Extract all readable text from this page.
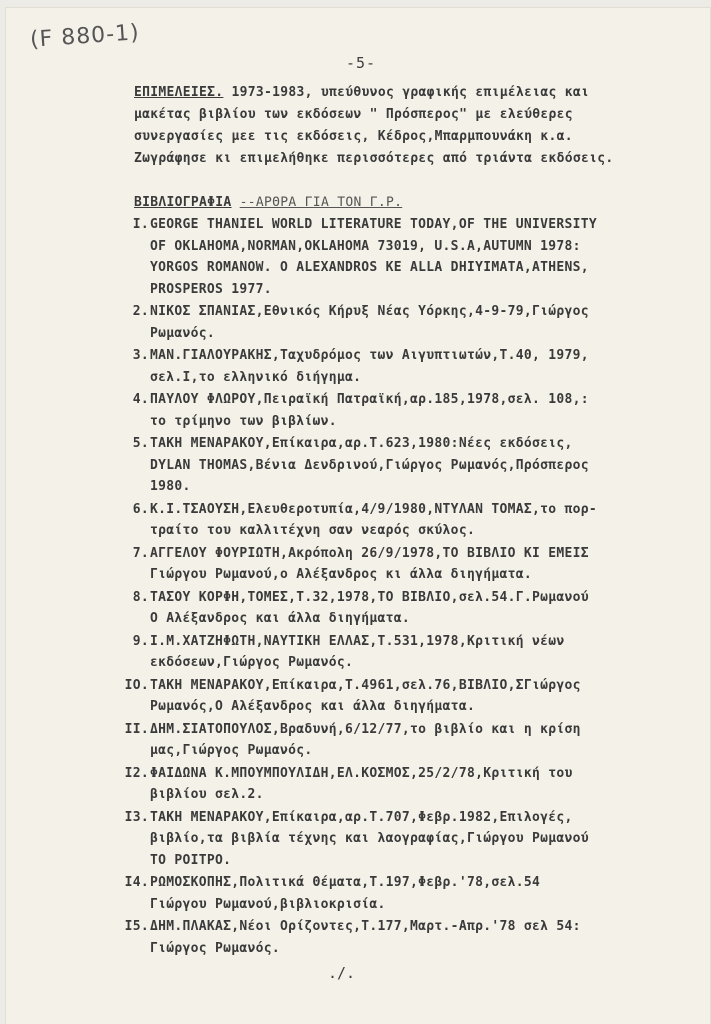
(F 880-1)
-5-
ΕΠΙΜΕΛΕΙΕΣ. 1973-1983, υπεύθυνος γραφικής επιμέλειας και
μακέτας βιβλίου των εκδόσεων " Πρόσπερος" με ελεύθερες
συνεργασίες μεε τις εκδόσεις, Κέδρος,Μπαρμπουνάκη κ.α.
Ζωγράφησε κι επιμελήθηκε περισσότερες από τριάντα εκδόσεις.
ΒΙΒΛΙΟΓΡΑΦΙΑ --ΑΡΘΡΑ ΓΙΑ ΤΟΝ Γ.Ρ.
I. GEORGE THANIEL WORLD LITERATURE TODAY,OF THE UNIVERSITY
OF OKLAHOMA,NORMAN,OKLAHOMA 73019, U.S.A,AUTUMN 1978:
YORGOS ROMANOW. O ALEXANDROS KE ALLA DHIYIMATA,ATHENS,
PROSPEROS 1977.
2. ΝΙΚΟΣ ΣΠΑΝΙΑΣ,Εθνικός Κήρυξ Νέας Υόρκης,4-9-79,Γιώργος
Ρωμανός.
3. ΜΑΝ.ΓΙΑΛΟΥΡΑΚΗΣ,Ταχυδρόμος των Αιγυπτιωτών,Τ.40, 1979,
σελ.Ι,το ελληνικό διήγημα.
4. ΠΑΥΛΟΥ ΦΛΩΡΟΥ,Πειραϊκή Πατραϊκή,αρ.185,1978,σελ. 108,:
το τρίμηνο των βιβλίων.
5. ΤΑΚΗ ΜΕΝΑΡΑΚΟΥ,Επίκαιρα,αρ.Τ.623,1980:Νέες εκδόσεις,
DYLAN THOMAS,Βένια Δενδρινού,Γιώργος Ρωμανός,Πρόσπερος
1980.
6. Κ.Ι.ΤΣΑΟΥΣΗ,Ελευθεροτυπία,4/9/1980,ΝΤΥΛΑΝ ΤΟΜΑΣ,το πορ-
τραίτο του καλλιτέχνη σαν νεαρός σκύλος.
7. ΑΓΓΕΛΟΥ ΦΟΥΡΙΩΤΗ,Ακρόπολη 26/9/1978,ΤΟ ΒΙΒΛΙΟ ΚΙ ΕΜΕΙΣ
Γιώργου Ρωμανού,ο Αλέξανδρος κι άλλα διηγήματα.
8. ΤΑΣΟΥ ΚΟΡΦΗ,ΤΟΜΕΣ,Τ.32,1978,ΤΟ ΒΙΒΛΙΟ,σελ.54.Γ.Ρωμανού
Ο Αλέξανδρος και άλλα διηγήματα.
9. Ι.Μ.ΧΑΤΖΗΦΩΤΗ,ΝΑΥΤΙΚΗ ΕΛΛΑΣ,Τ.531,1978,Κριτική νέων
εκδόσεων,Γιώργος Ρωμανός.
ΙΟ. ΤΑΚΗ ΜΕΝΑΡΑΚΟΥ,Επίκαιρα,Τ.4961,σελ.76,ΒΙΒΛΙΟ,ΣΓιώργος
Ρωμανός,Ο Αλέξανδρος και άλλα διηγήματα.
ΙΙ. ΔΗΜ.ΣΙΑΤΟΠΟΥΛΟΣ,Βραδυνή,6/12/77,το βιβλίο και η κρίση
μας,Γιώργος Ρωμανός.
Ι2. ΦΑΙΔΩΝΑ Κ.ΜΠΟΥΜΠΟΥΛΙΔΗ,ΕΛ.ΚΟΣΜΟΣ,25/2/78,Κριτική του
βιβλίου σελ.2.
Ι3. ΤΑΚΗ ΜΕΝΑΡΑΚΟΥ,Επίκαιρα,αρ.Τ.707,Φεβρ.1982,Επιλογές,
βιβλίο,τα βιβλία τέχνης και λαογραφίας,Γιώργου Ρωμανού
ΤΟ ΡΟΙΤΡΟ.
Ι4. ΡΩΜΟΣΚΟΠΗΣ,Πολιτικά Θέματα,Τ.197,Φεβρ.'78,σελ.54
Γιώργου Ρωμανού,βιβλιοκρισία.
Ι5. ΔΗΜ.ΠΛΑΚΑΣ,Νέοι Ορίζοντες,Τ.177,Μαρτ.-Απρ.'78 σελ 54:
Γιώργος Ρωμανός.
./.
